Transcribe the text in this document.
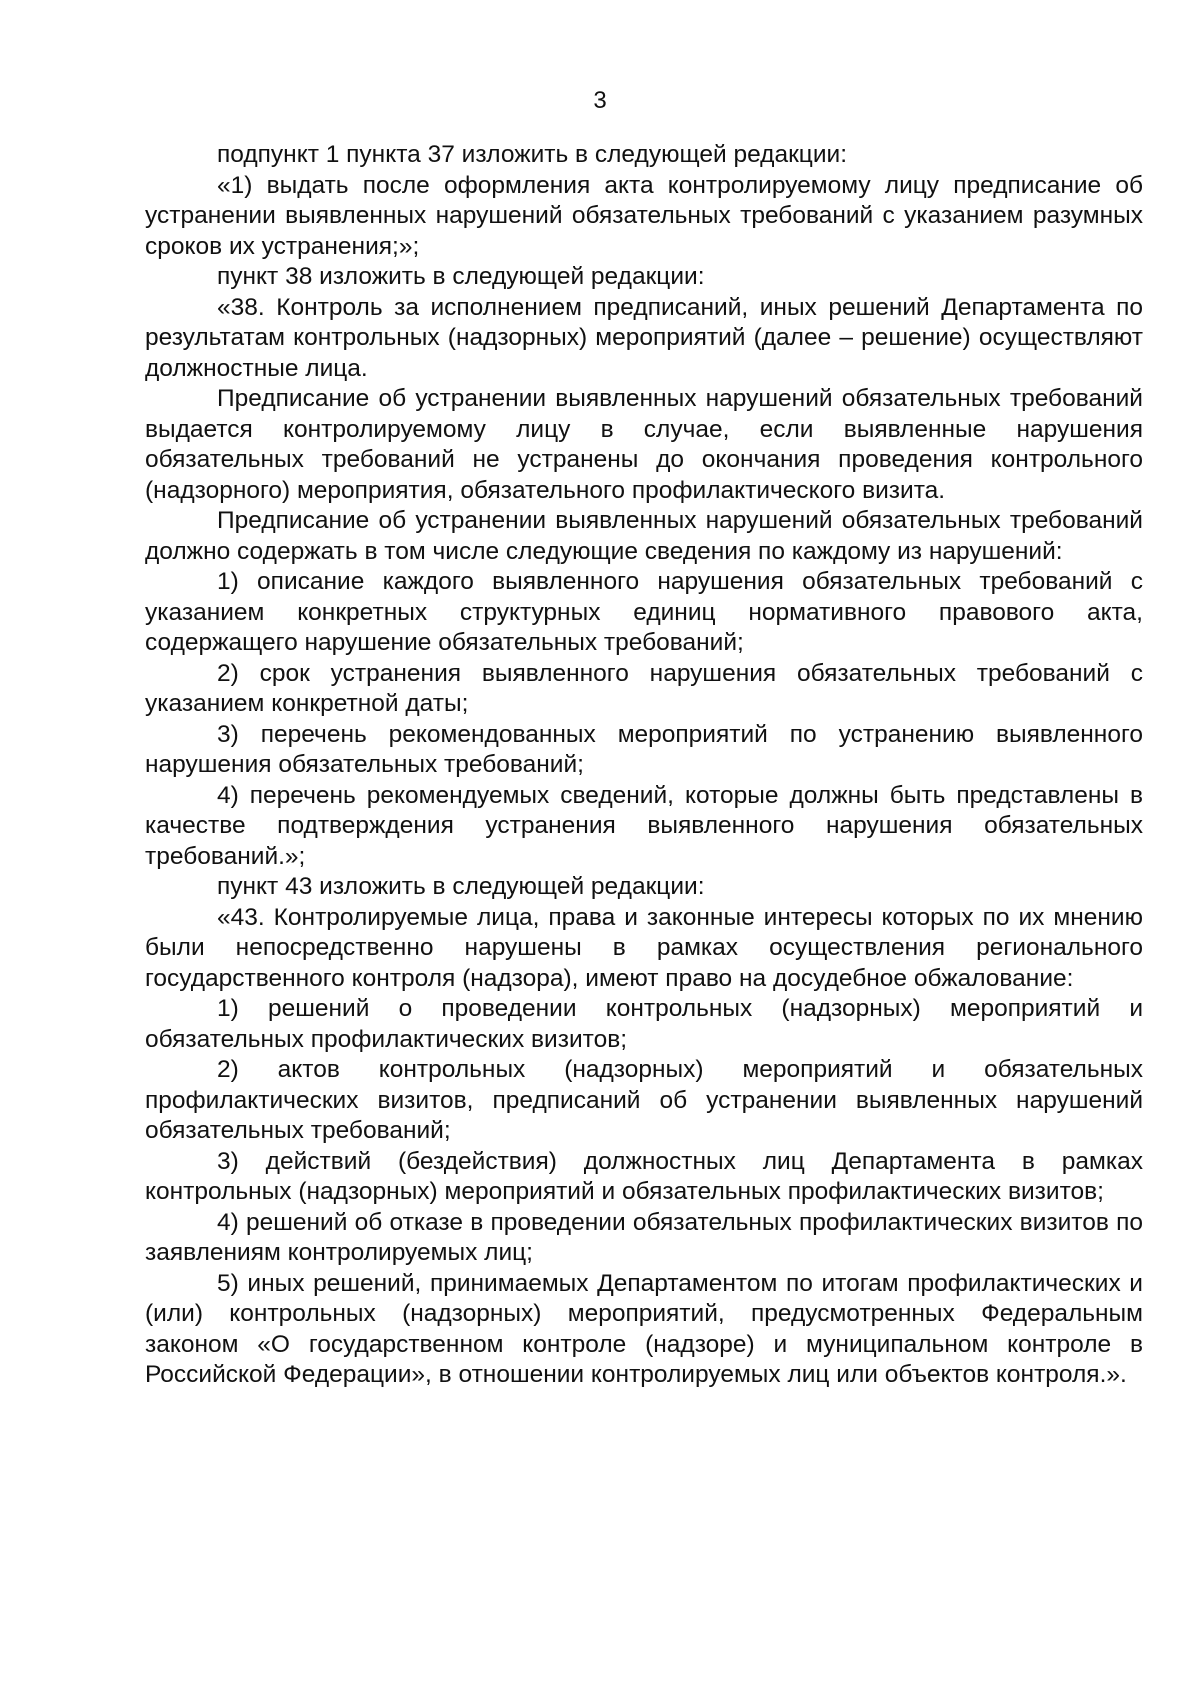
3

подпункт 1 пункта 37 изложить в следующей редакции:

«1) выдать после оформления акта контролируемому лицу предписание об устранении выявленных нарушений обязательных требований с указанием разумных сроков их устранения;»;

пункт 38 изложить в следующей редакции:

«38. Контроль за исполнением предписаний, иных решений Департамента по результатам контрольных (надзорных) мероприятий (далее – решение) осуществляют должностные лица.

Предписание об устранении выявленных нарушений обязательных требований выдается контролируемому лицу в случае, если выявленные нарушения обязательных требований не устранены до окончания проведения контрольного (надзорного) мероприятия, обязательного профилактического визита.

Предписание об устранении выявленных нарушений обязательных требований должно содержать в том числе следующие сведения по каждому из нарушений:

1) описание каждого выявленного нарушения обязательных требований с указанием конкретных структурных единиц нормативного правового акта, содержащего нарушение обязательных требований;

2) срок устранения выявленного нарушения обязательных требований с указанием конкретной даты;

3) перечень рекомендованных мероприятий по устранению выявленного нарушения обязательных требований;

4) перечень рекомендуемых сведений, которые должны быть представлены в качестве подтверждения устранения выявленного нарушения обязательных требований.»;

пункт 43 изложить в следующей редакции:

«43. Контролируемые лица, права и законные интересы которых по их мнению были непосредственно нарушены в рамках осуществления регионального государственного контроля (надзора), имеют право на досудебное обжалование:

1) решений о проведении контрольных (надзорных) мероприятий и обязательных профилактических визитов;

2) актов контрольных (надзорных) мероприятий и обязательных профилактических визитов, предписаний об устранении выявленных нарушений обязательных требований;

3) действий (бездействия) должностных лиц Департамента в рамках контрольных (надзорных) мероприятий и обязательных профилактических визитов;

4) решений об отказе в проведении обязательных профилактических визитов по заявлениям контролируемых лиц;

5) иных решений, принимаемых Департаментом по итогам профилактических и (или) контрольных (надзорных) мероприятий, предусмотренных Федеральным законом «О государственном контроле (надзоре) и муниципальном контроле в Российской Федерации», в отношении контролируемых лиц или объектов контроля.».
